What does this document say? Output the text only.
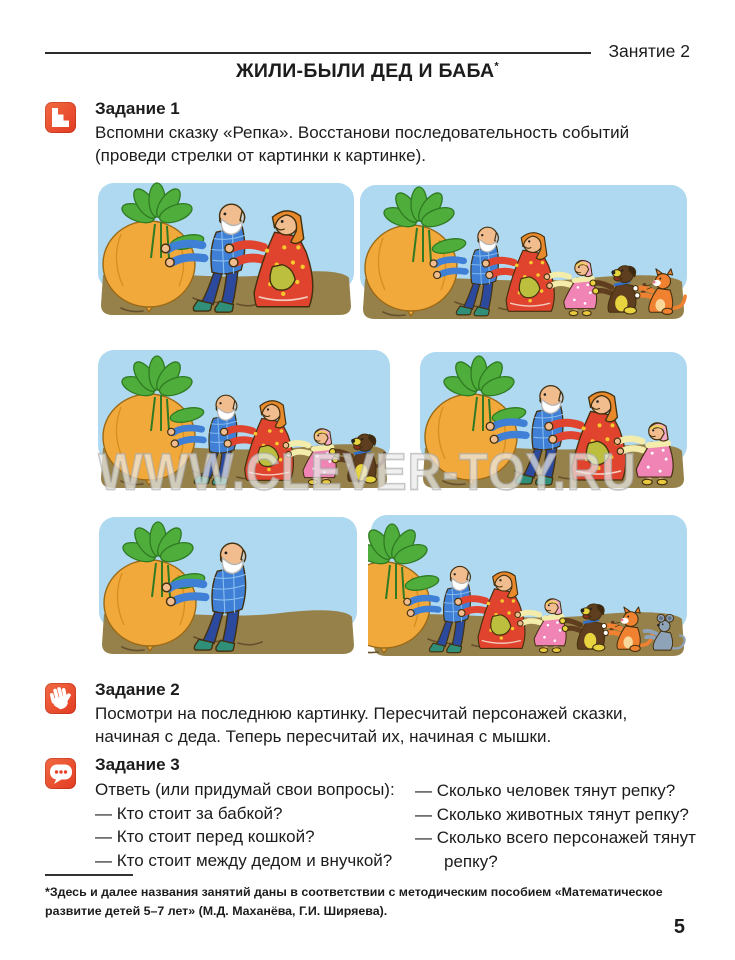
Занятие 2
ЖИЛИ-БЫЛИ ДЕД И БАБА*
Задание 1

Вспомни сказку «Репка». Восстанови последовательность событий (проведи стрелки от картинки к картинке).

WWW.CLEVER-TOY.RU
Задание 2

Посмотри на последнюю картинку. Пересчитай персонажей сказки, начиная с деда. Теперь пересчитай их, начиная с мышки.

Задание 3
Ответь (или придумай свои вопросы):
— Кто стоит за бабкой?
— Кто стоит перед кошкой?
— Кто стоит между дедом и внучкой?
— Сколько человек тянут репку?
— Сколько животных тянут репку?
— Сколько всего персонажей тянут репку?

*Здесь и далее названия занятий даны в соответствии с методическим пособием «Математическое развитие детей 5–7 лет» (М.Д. Маханёва, Г.И. Ширяева).

5
